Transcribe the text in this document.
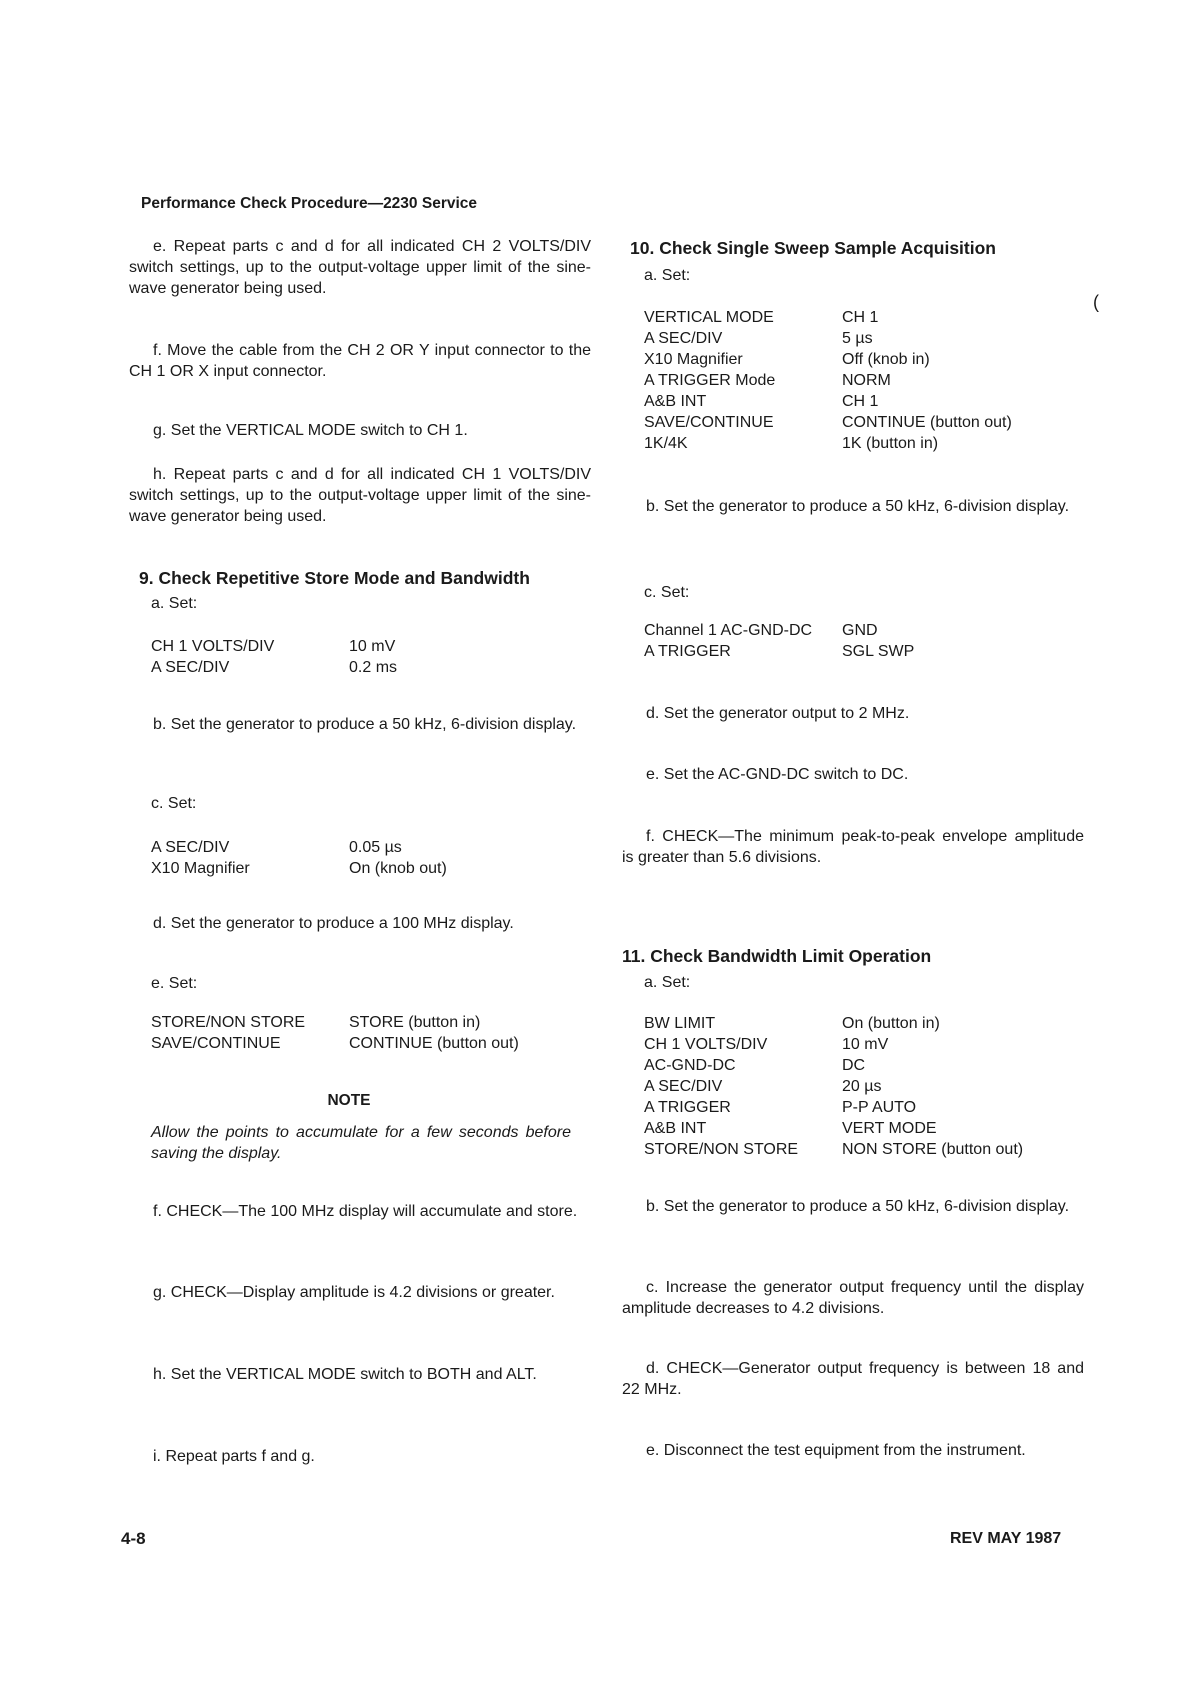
Performance Check Procedure—2230 Service
e. Repeat parts c and d for all indicated CH 2 VOLTS/DIV switch settings, up to the output-voltage upper limit of the sine-wave generator being used.
f. Move the cable from the CH 2 OR Y input connector to the CH 1 OR X input connector.
g. Set the VERTICAL MODE switch to CH 1.
h. Repeat parts c and d for all indicated CH 1 VOLTS/DIV switch settings, up to the output-voltage upper limit of the sine-wave generator being used.
9. Check Repetitive Store Mode and Bandwidth
a. Set:
CH 1 VOLTS/DIV	10 mV
A SEC/DIV	0.2 ms
b. Set the generator to produce a 50 kHz, 6-division display.
c. Set:
A SEC/DIV	0.05 µs
X10 Magnifier	On (knob out)
d. Set the generator to produce a 100 MHz display.
e. Set:
STORE/NON STORE	STORE (button in)
SAVE/CONTINUE	CONTINUE (button out)
NOTE
Allow the points to accumulate for a few seconds before saving the display.
f. CHECK—The 100 MHz display will accumulate and store.
g. CHECK—Display amplitude is 4.2 divisions or greater.
h. Set the VERTICAL MODE switch to BOTH and ALT.
i. Repeat parts f and g.
10. Check Single Sweep Sample Acquisition
a. Set:
VERTICAL MODE	CH 1
A SEC/DIV	5 µs
X10 Magnifier	Off (knob in)
A TRIGGER Mode	NORM
A&B INT	CH 1
SAVE/CONTINUE	CONTINUE (button out)
1K/4K	1K (button in)
b. Set the generator to produce a 50 kHz, 6-division display.
c. Set:
Channel 1 AC-GND-DC	GND
A TRIGGER	SGL SWP
d. Set the generator output to 2 MHz.
e. Set the AC-GND-DC switch to DC.
f. CHECK—The minimum peak-to-peak envelope amplitude is greater than 5.6 divisions.
11. Check Bandwidth Limit Operation
a. Set:
BW LIMIT	On (button in)
CH 1 VOLTS/DIV	10 mV
AC-GND-DC	DC
A SEC/DIV	20 µs
A TRIGGER	P-P AUTO
A&B INT	VERT MODE
STORE/NON STORE	NON STORE (button out)
b. Set the generator to produce a 50 kHz, 6-division display.
c. Increase the generator output frequency until the display amplitude decreases to 4.2 divisions.
d. CHECK—Generator output frequency is between 18 and 22 MHz.
e. Disconnect the test equipment from the instrument.
(
4-8	REV MAY 1987
